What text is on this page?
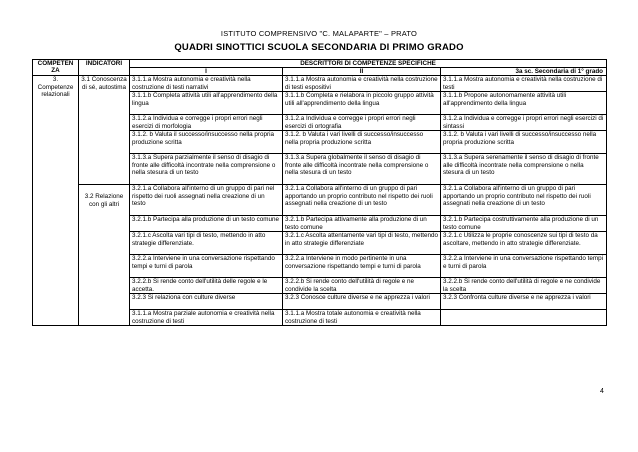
ISTITUTO COMPRENSIVO "C. MALAPARTE" – PRATO
QUADRI SINOTTICI SCUOLA SECONDARIA DI PRIMO GRADO
COMPETEN ZA	INDICATORI	DESCRITTORI DI COMPETENZE SPECIFICHE		
		I	II	3a sc. Secondaria di 1° grado
3. Competenze relazionali	3.1 Conoscenza di sé, autostima	3.1.1.a Mostra autonomia e creatività nella costruzione di testi narrativi	3.1.1.a Mostra autonomia e creatività nella costruzione di testi espositivi	3.1.1.a Mostra autonomia e creatività nella costruzione di testi
		3.1.1.b Completa attività utili all'apprendimento della lingua	3.1.1.b Completa e rielabora in piccolo gruppo attività utili all'apprendimento della lingua	3.1.1.b Propone autonomamente attività utili all'apprendimento della lingua
		3.1.2.a Individua e corregge i propri errori negli esercizi di morfologia	3.1.2.a Individua e corregge i propri errori negli esercizi di ortografia	3.1.2.a Individua e corregge i propri errori negli esercizi di sintassi
		3.1.2. b Valuta il successo/insuccesso nella propria produzione scritta	3.1.2. b Valuta i vari livelli di successo/insuccesso nella propria produzione scritta	3.1.2. b Valuta i vari livelli di successo/insuccesso nella propria produzione scritta
		3.1.3.a Supera parzialmente il senso di disagio di fronte alle difficoltà incontrate nella comprensione o nella stesura di un testo	3.1.3.a Supera globalmente il senso di disagio di fronte alle difficoltà incontrate nella comprensione o nella stesura di un testo	3.1.3.a Supera serenamente il senso di disagio di fronte alle difficoltà incontrate nella comprensione o nella stesura di un testo
	3.2 Relazione con gli altri	3.2.1.a Collabora all'interno di un gruppo di pari nel rispetto dei ruoli assegnati nella creazione di un testo	3.2.1.a Collabora all'interno di un gruppo di pari apportando un proprio contributo nel rispetto dei ruoli assegnati nella creazione di un testo	3.2.1.a Collabora all'interno di un gruppo di pari apportando un proprio contributo nel rispetto dei ruoli assegnati nella creazione di un testo
		3.2.1.b Partecipa alla produzione di un testo comune	3.2.1.b Partecipa attivamente alla produzione di un testo comune	3.2.1.b Partecipa costruttivamente alla produzione di un testo comune
		3.2.1.c Ascolta vari tipi di testo, mettendo in atto strategie differenziate.	3.2.1.c Ascolta attentamente vari tipi di testo, mettendo in atto strategie differenziate	3.2.1.c Utilizza le proprie conoscenze sui tipi di testo da ascoltare, mettendo in atto strategie differenziate.
		3.2.2.a Interviene in una conversazione rispettando tempi e turni di parola	3.2.2.a Interviene in modo pertinente in una conversazione rispettando tempi e turni di parola	3.2.2.a Interviene in una conversazione rispettando tempi e turni di parola
		3.2.2.b Si rende conto dell'utilità delle regole e le accetta.	3.2.2.b Si rende conto dell'utilità di regole e ne condivide la scelta	3.2.2.b Si rende conto dell'utilità di regole e ne condivide la scelta
		3.2.3 Si relaziona con culture diverse	3.2.3 Conosce culture diverse e ne apprezza i valori	3.2.3 Confronta culture diverse e ne apprezza i valori
		3.1.1.a Mostra parziale autonomia e creatività nella costruzione di testi	3.1.1.a Mostra totale autonomia e creatività nella costruzione di testi	
4
